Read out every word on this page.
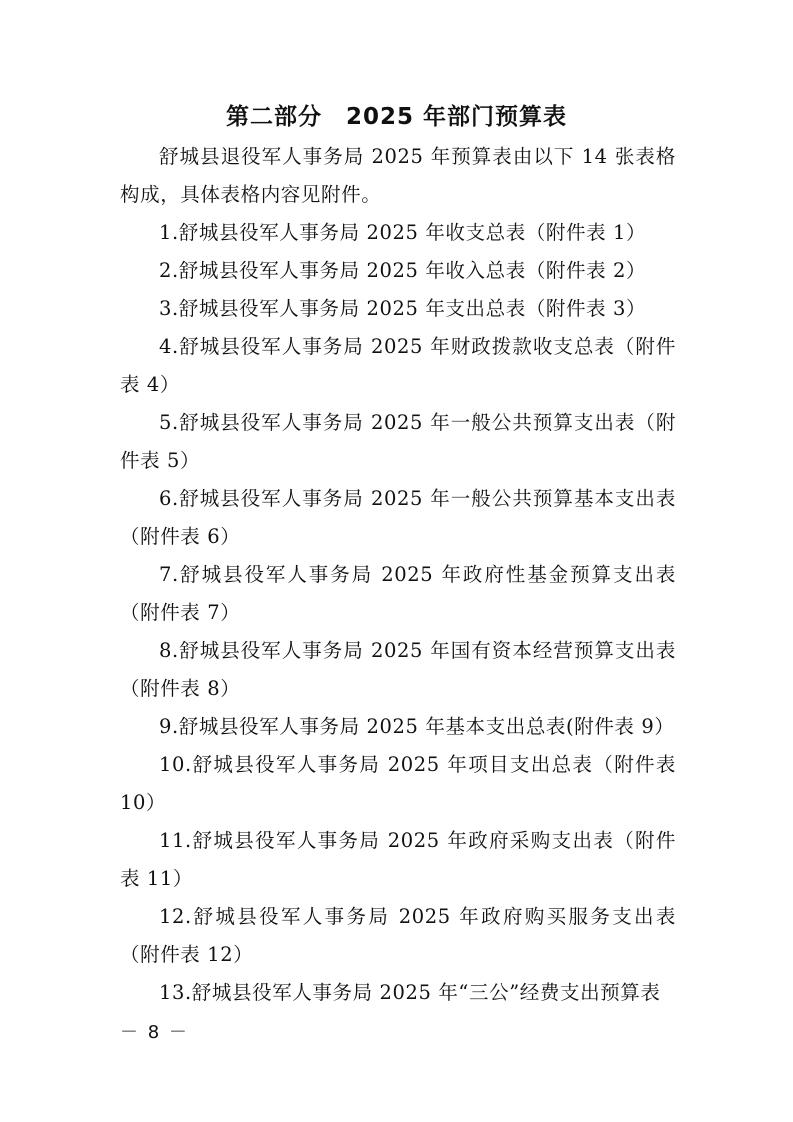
第二部分　2025 年部门预算表

舒城县退役军人事务局 2025 年预算表由以下 14 张表格构成，具体表格内容见附件。

1.舒城县役军人事务局 2025 年收支总表（附件表 1）

2.舒城县役军人事务局 2025 年收入总表（附件表 2）

3.舒城县役军人事务局 2025 年支出总表（附件表 3）

4.舒城县役军人事务局 2025 年财政拨款收支总表（附件表 4）

5.舒城县役军人事务局 2025 年一般公共预算支出表（附件表 5）

6.舒城县役军人事务局 2025 年一般公共预算基本支出表（附件表 6）

7.舒城县役军人事务局 2025 年政府性基金预算支出表（附件表 7）

8.舒城县役军人事务局 2025 年国有资本经营预算支出表（附件表 8）

9.舒城县役军人事务局 2025 年基本支出总表(附件表 9）

10.舒城县役军人事务局 2025 年项目支出总表（附件表 10）

11.舒城县役军人事务局 2025 年政府采购支出表（附件表 11）

12.舒城县役军人事务局 2025 年政府购买服务支出表（附件表 12）

13.舒城县役军人事务局 2025 年“三公”经费支出预算表

－ 8 －
